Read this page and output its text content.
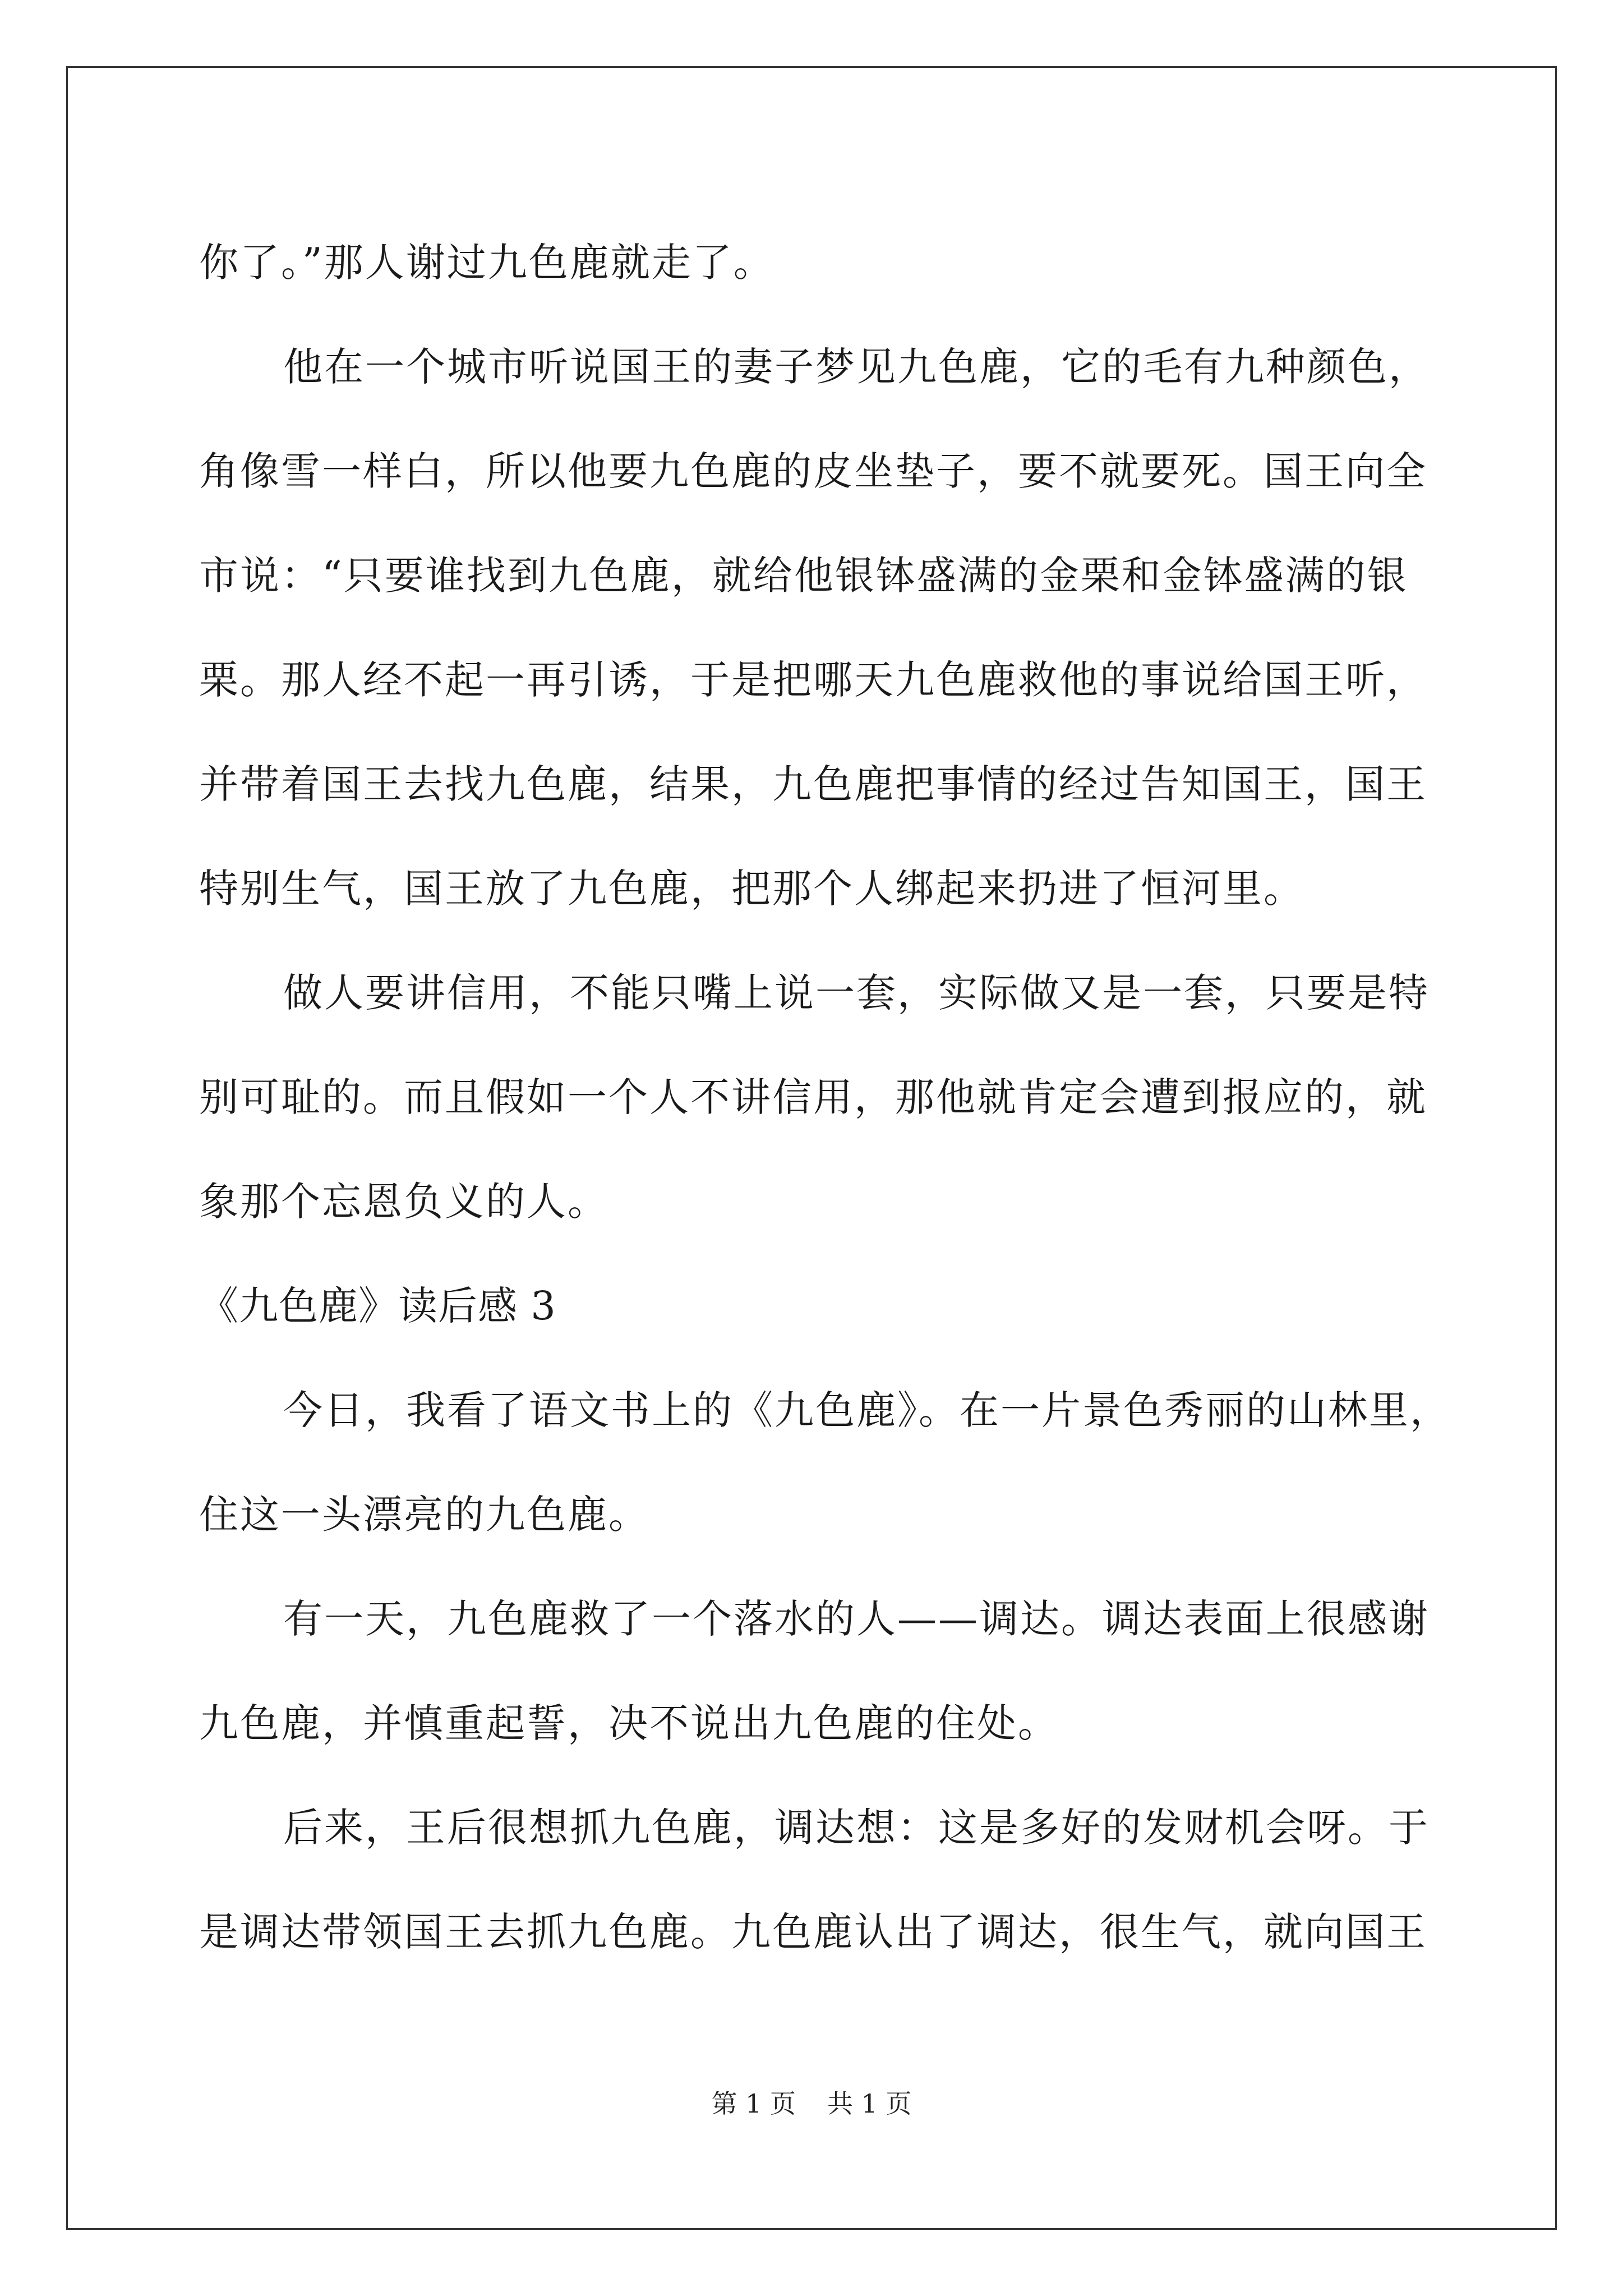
你了。”那人谢过九色鹿就走了。
他在一个城市听说国王的妻子梦见九色鹿，它的毛有九种颜色，
角像雪一样白，所以他要九色鹿的皮坐垫子，要不就要死。国王向全
市说：“只要谁找到九色鹿，就给他银钵盛满的金栗和金钵盛满的银
栗。那人经不起一再引诱，于是把哪天九色鹿救他的事说给国王听，
并带着国王去找九色鹿，结果，九色鹿把事情的经过告知国王，国王
特别生气，国王放了九色鹿，把那个人绑起来扔进了恒河里。
做人要讲信用，不能只嘴上说一套，实际做又是一套，只要是特
别可耻的。而且假如一个人不讲信用，那他就肯定会遭到报应的，就
象那个忘恩负义的人。
《九色鹿》读后感 3
今日，我看了语文书上的《九色鹿》。在一片景色秀丽的山林里，
住这一头漂亮的九色鹿。
有一天，九色鹿救了一个落水的人——调达。调达表面上很感谢
九色鹿，并慎重起誓，决不说出九色鹿的住处。
后来，王后很想抓九色鹿，调达想：这是多好的发财机会呀。于
是调达带领国王去抓九色鹿。九色鹿认出了调达，很生气，就向国王
第 1 页 共 1 页
